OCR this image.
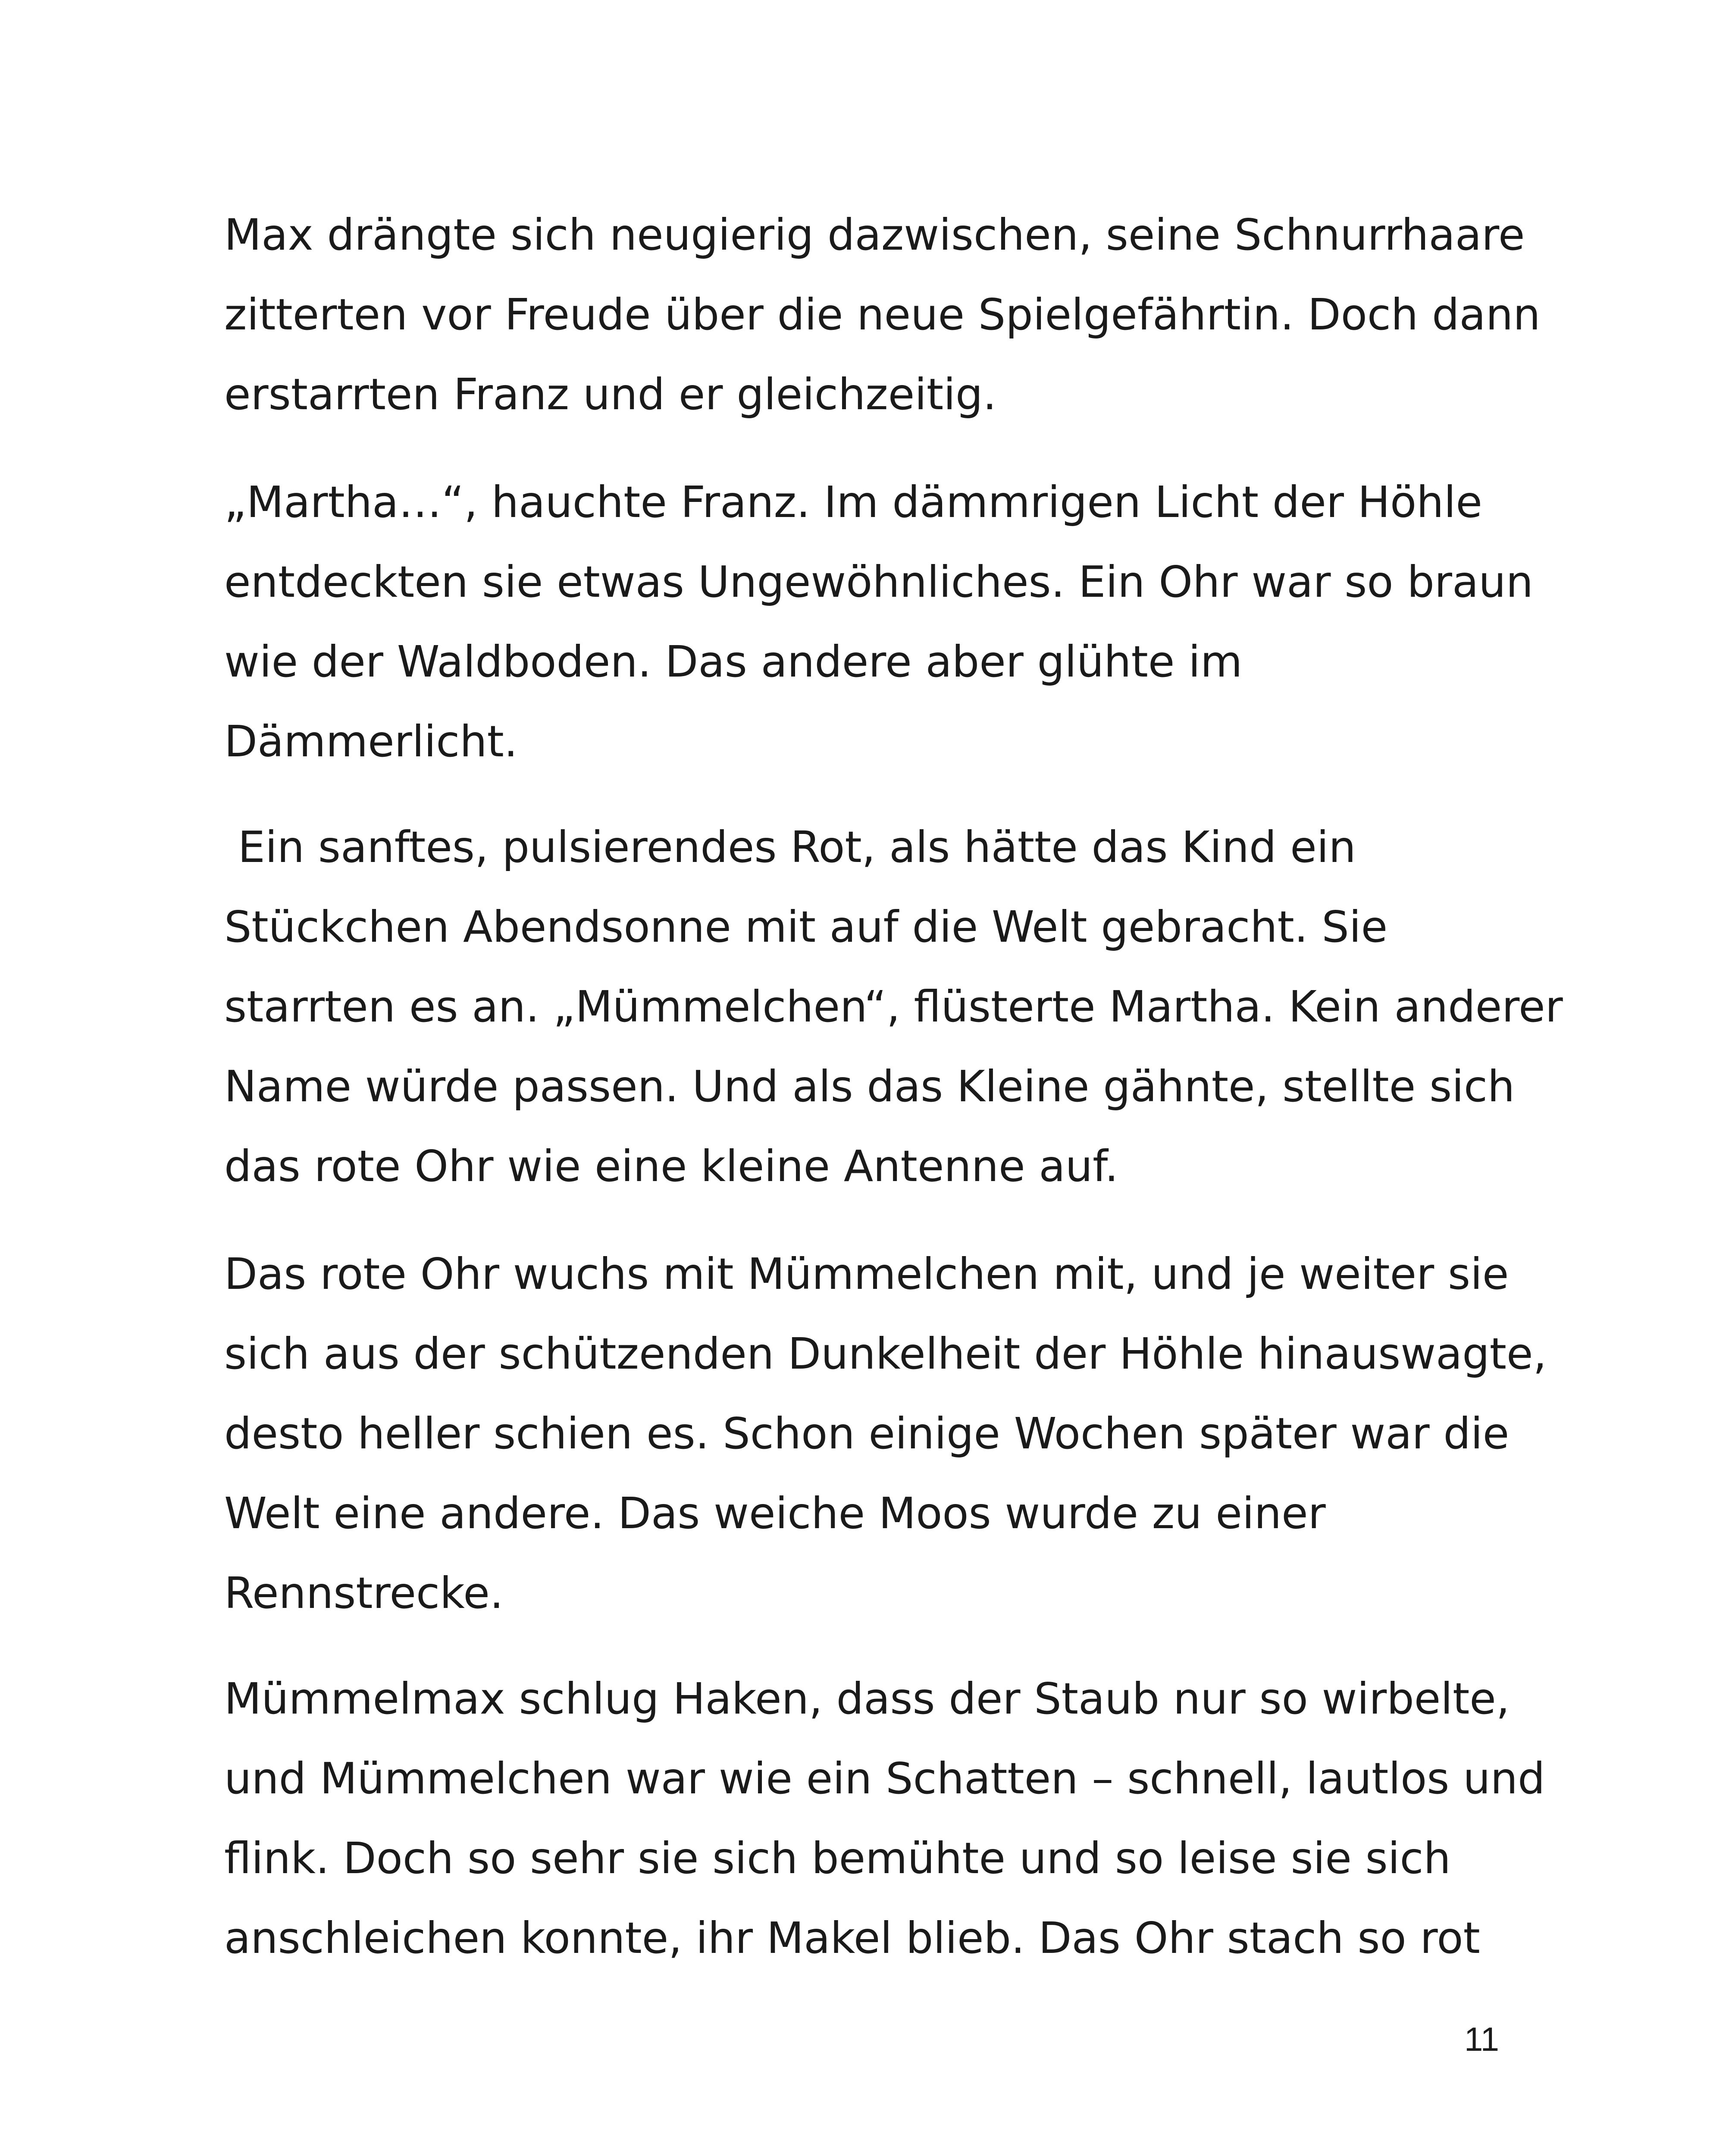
Max drängte sich neugierig dazwischen, seine Schnurrhaare

zitterten vor Freude über die neue Spielgefährtin. Doch dann

erstarrten Franz und er gleichzeitig.

„Martha…“, hauchte Franz. Im dämmrigen Licht der Höhle

entdeckten sie etwas Ungewöhnliches. Ein Ohr war so braun

wie der Waldboden. Das andere aber glühte im

Dämmerlicht.

Ein sanftes, pulsierendes Rot, als hätte das Kind ein

Stückchen Abendsonne mit auf die Welt gebracht. Sie

starrten es an. „Mümmelchen“, flüsterte Martha. Kein anderer

Name würde passen. Und als das Kleine gähnte, stellte sich

das rote Ohr wie eine kleine Antenne auf.

Das rote Ohr wuchs mit Mümmelchen mit, und je weiter sie

sich aus der schützenden Dunkelheit der Höhle hinauswagte,

desto heller schien es. Schon einige Wochen später war die

Welt eine andere. Das weiche Moos wurde zu einer

Rennstrecke.

Mümmelmax schlug Haken, dass der Staub nur so wirbelte,

und Mümmelchen war wie ein Schatten – schnell, lautlos und

flink. Doch so sehr sie sich bemühte und so leise sie sich

anschleichen konnte, ihr Makel blieb. Das Ohr stach so rot

11
